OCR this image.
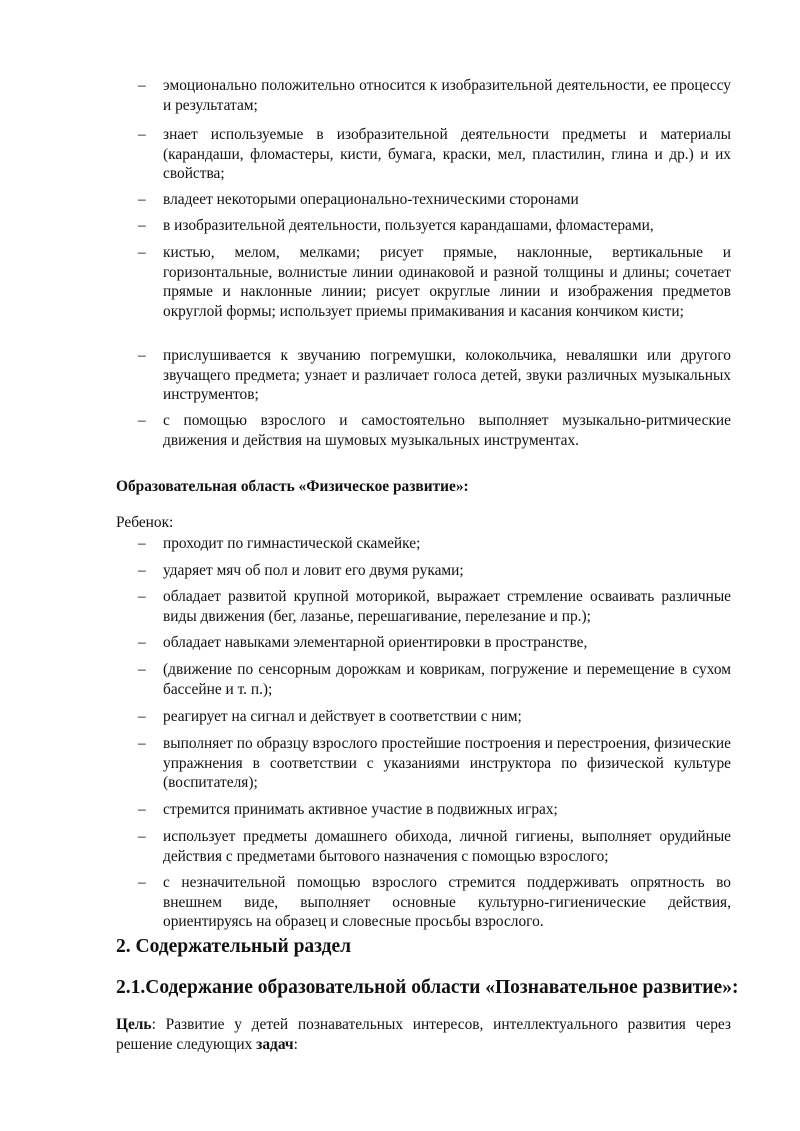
– эмоционально положительно относится к изобразительной деятельности, ее процессу и результатам;
– знает используемые в изобразительной деятельности предметы и материалы (карандаши, фломастеры, кисти, бумага, краски, мел, пластилин, глина и др.) и их свойства;
– владеет некоторыми операционально-техническими сторонами
– в изобразительной деятельности, пользуется карандашами, фломастерами,
– кистью, мелом, мелками; рисует прямые, наклонные, вертикальные и горизонтальные, волнистые линии одинаковой и разной толщины и длины; сочетает прямые и наклонные линии; рисует округлые линии и изображения предметов округлой формы; использует приемы примакивания и касания кончиком кисти;
– прислушивается к звучанию погремушки, колокольчика, неваляшки или другого звучащего предмета; узнает и различает голоса детей, звуки различных музыкальных инструментов;
– с помощью взрослого и самостоятельно выполняет музыкально-ритмические движения и действия на шумовых музыкальных инструментах.
Образовательная область «Физическое развитие»:
Ребенок:
– проходит по гимнастической скамейке;
– ударяет мяч об пол и ловит его двумя руками;
– обладает развитой крупной моторикой, выражает стремление осваивать различные виды движения (бег, лазанье, перешагивание, перелезание и пр.);
– обладает навыками элементарной ориентировки в пространстве,
– (движение по сенсорным дорожкам и коврикам, погружение и перемещение в сухом бассейне и т. п.);
– реагирует на сигнал и действует в соответствии с ним;
– выполняет по образцу взрослого простейшие построения и перестроения, физические упражнения в соответствии с указаниями инструктора по физической культуре (воспитателя);
– стремится принимать активное участие в подвижных играх;
– использует предметы домашнего обихода, личной гигиены, выполняет орудийные действия с предметами бытового назначения с помощью взрослого;
– с незначительной помощью взрослого стремится поддерживать опрятность во внешнем виде, выполняет основные культурно-гигиенические действия, ориентируясь на образец и словесные просьбы взрослого.
2. Содержательный раздел
2.1.Содержание образовательной области «Познавательное развитие»:
Цель: Развитие у детей познавательных интересов, интеллектуального развития через решение следующих задач:
